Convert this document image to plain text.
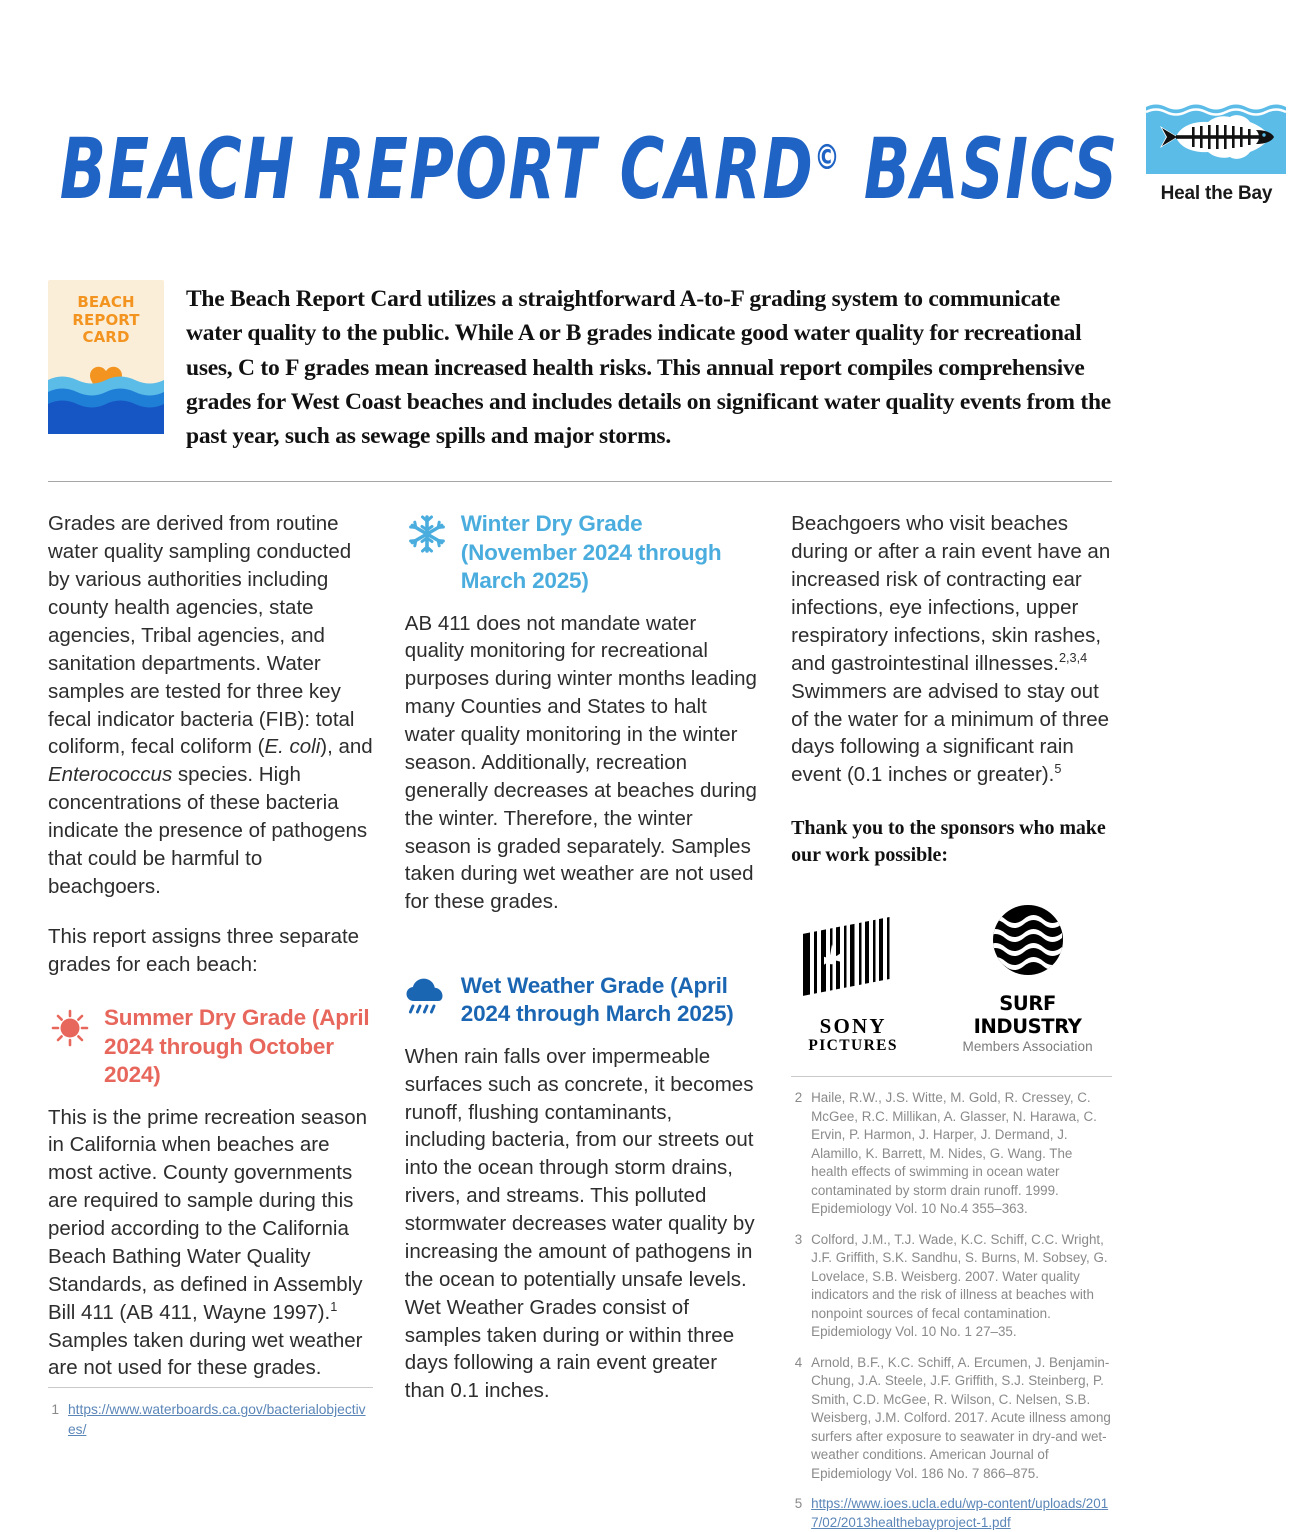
BEACH REPORT CARD© BASICS	Heal the Bay
BEACH
REPORT
CARD

The Beach Report Card utilizes a straightforward A-to-F grading system to communicate water quality to the public. While A or B grades indicate good water quality for recreational uses, C to F grades mean increased health risks. This annual report compiles comprehensive grades for West Coast beaches and includes details on significant water quality events from the past year, such as sewage spills and major storms.

Grades are derived from routine water quality sampling conducted by various authorities including county health agencies, state agencies, Tribal agencies, and sanitation departments. Water samples are tested for three key fecal indicator bacteria (FIB): total coliform, fecal coliform (E. coli), and Enterococcus species. High concentrations of these bacteria indicate the presence of pathogens that could be harmful to beachgoers.

This report assigns three separate grades for each beach:

Summer Dry Grade (April 2024 through October 2024)

This is the prime recreation season in California when beaches are most active. County governments are required to sample during this period according to the California Beach Bathing Water Quality Standards, as defined in Assembly Bill 411 (AB 411, Wayne 1997).$^1$ Samples taken during wet weather are not used for these grades.

1 https://www.waterboards.ca.gov/bacterialobjectives/
Winter Dry Grade (November 2024 through March 2025)

AB 411 does not mandate water quality monitoring for recreational purposes during winter months leading many Counties and States to halt water quality monitoring in the winter season. Additionally, recreation generally decreases at beaches during the winter. Therefore, the winter season is graded separately. Samples taken during wet weather are not used for these grades.

Wet Weather Grade (April 2024 through March 2025)

When rain falls over impermeable surfaces such as concrete, it becomes runoff, flushing contaminants, including bacteria, from our streets out into the ocean through storm drains, rivers, and streams. This polluted stormwater decreases water quality by increasing the amount of pathogens in the ocean to potentially unsafe levels. Wet Weather Grades consist of samples taken during or within three days following a rain event greater than 0.1 inches.

Beachgoers who visit beaches during or after a rain event have an increased risk of contracting ear infections, eye infections, upper respiratory infections, skin rashes, and gastrointestinal illnesses.$^{2,3,4}$ Swimmers are advised to stay out of the water for a minimum of three days following a significant rain event (0.1 inches or greater).$^5$

Thank you to the sponsors who make our work possible:
SONY
PICTURES
SURF INDUSTRY
Members Association
2 Haile, R.W., J.S. Witte, M. Gold, R. Cressey, C. McGee, R.C. Millikan, A. Glasser, N. Harawa, C. Ervin, P. Harmon, J. Harper, J. Dermand, J. Alamillo, K. Barrett, M. Nides, G. Wang. The health effects of swimming in ocean water contaminated by storm drain runoff. 1999. Epidemiology Vol. 10 No.4 355–363.
3 Colford, J.M., T.J. Wade, K.C. Schiff, C.C. Wright, J.F. Griffith, S.K. Sandhu, S. Burns, M. Sobsey, G. Lovelace, S.B. Weisberg. 2007. Water quality indicators and the risk of illness at beaches with nonpoint sources of fecal contamination. Epidemiology Vol. 10 No. 1 27–35.
4 Arnold, B.F., K.C. Schiff, A. Ercumen, J. Benjamin-Chung, J.A. Steele, J.F. Griffith, S.J. Steinberg, P. Smith, C.D. McGee, R. Wilson, C. Nelsen, S.B. Weisberg, J.M. Colford. 2017. Acute illness among surfers after exposure to seawater in dry-and wet-weather conditions. American Journal of Epidemiology Vol. 186 No. 7 866–875.
5 https://www.ioes.ucla.edu/wp-content/uploads/2017/02/2013healthebayproject-1.pdf
